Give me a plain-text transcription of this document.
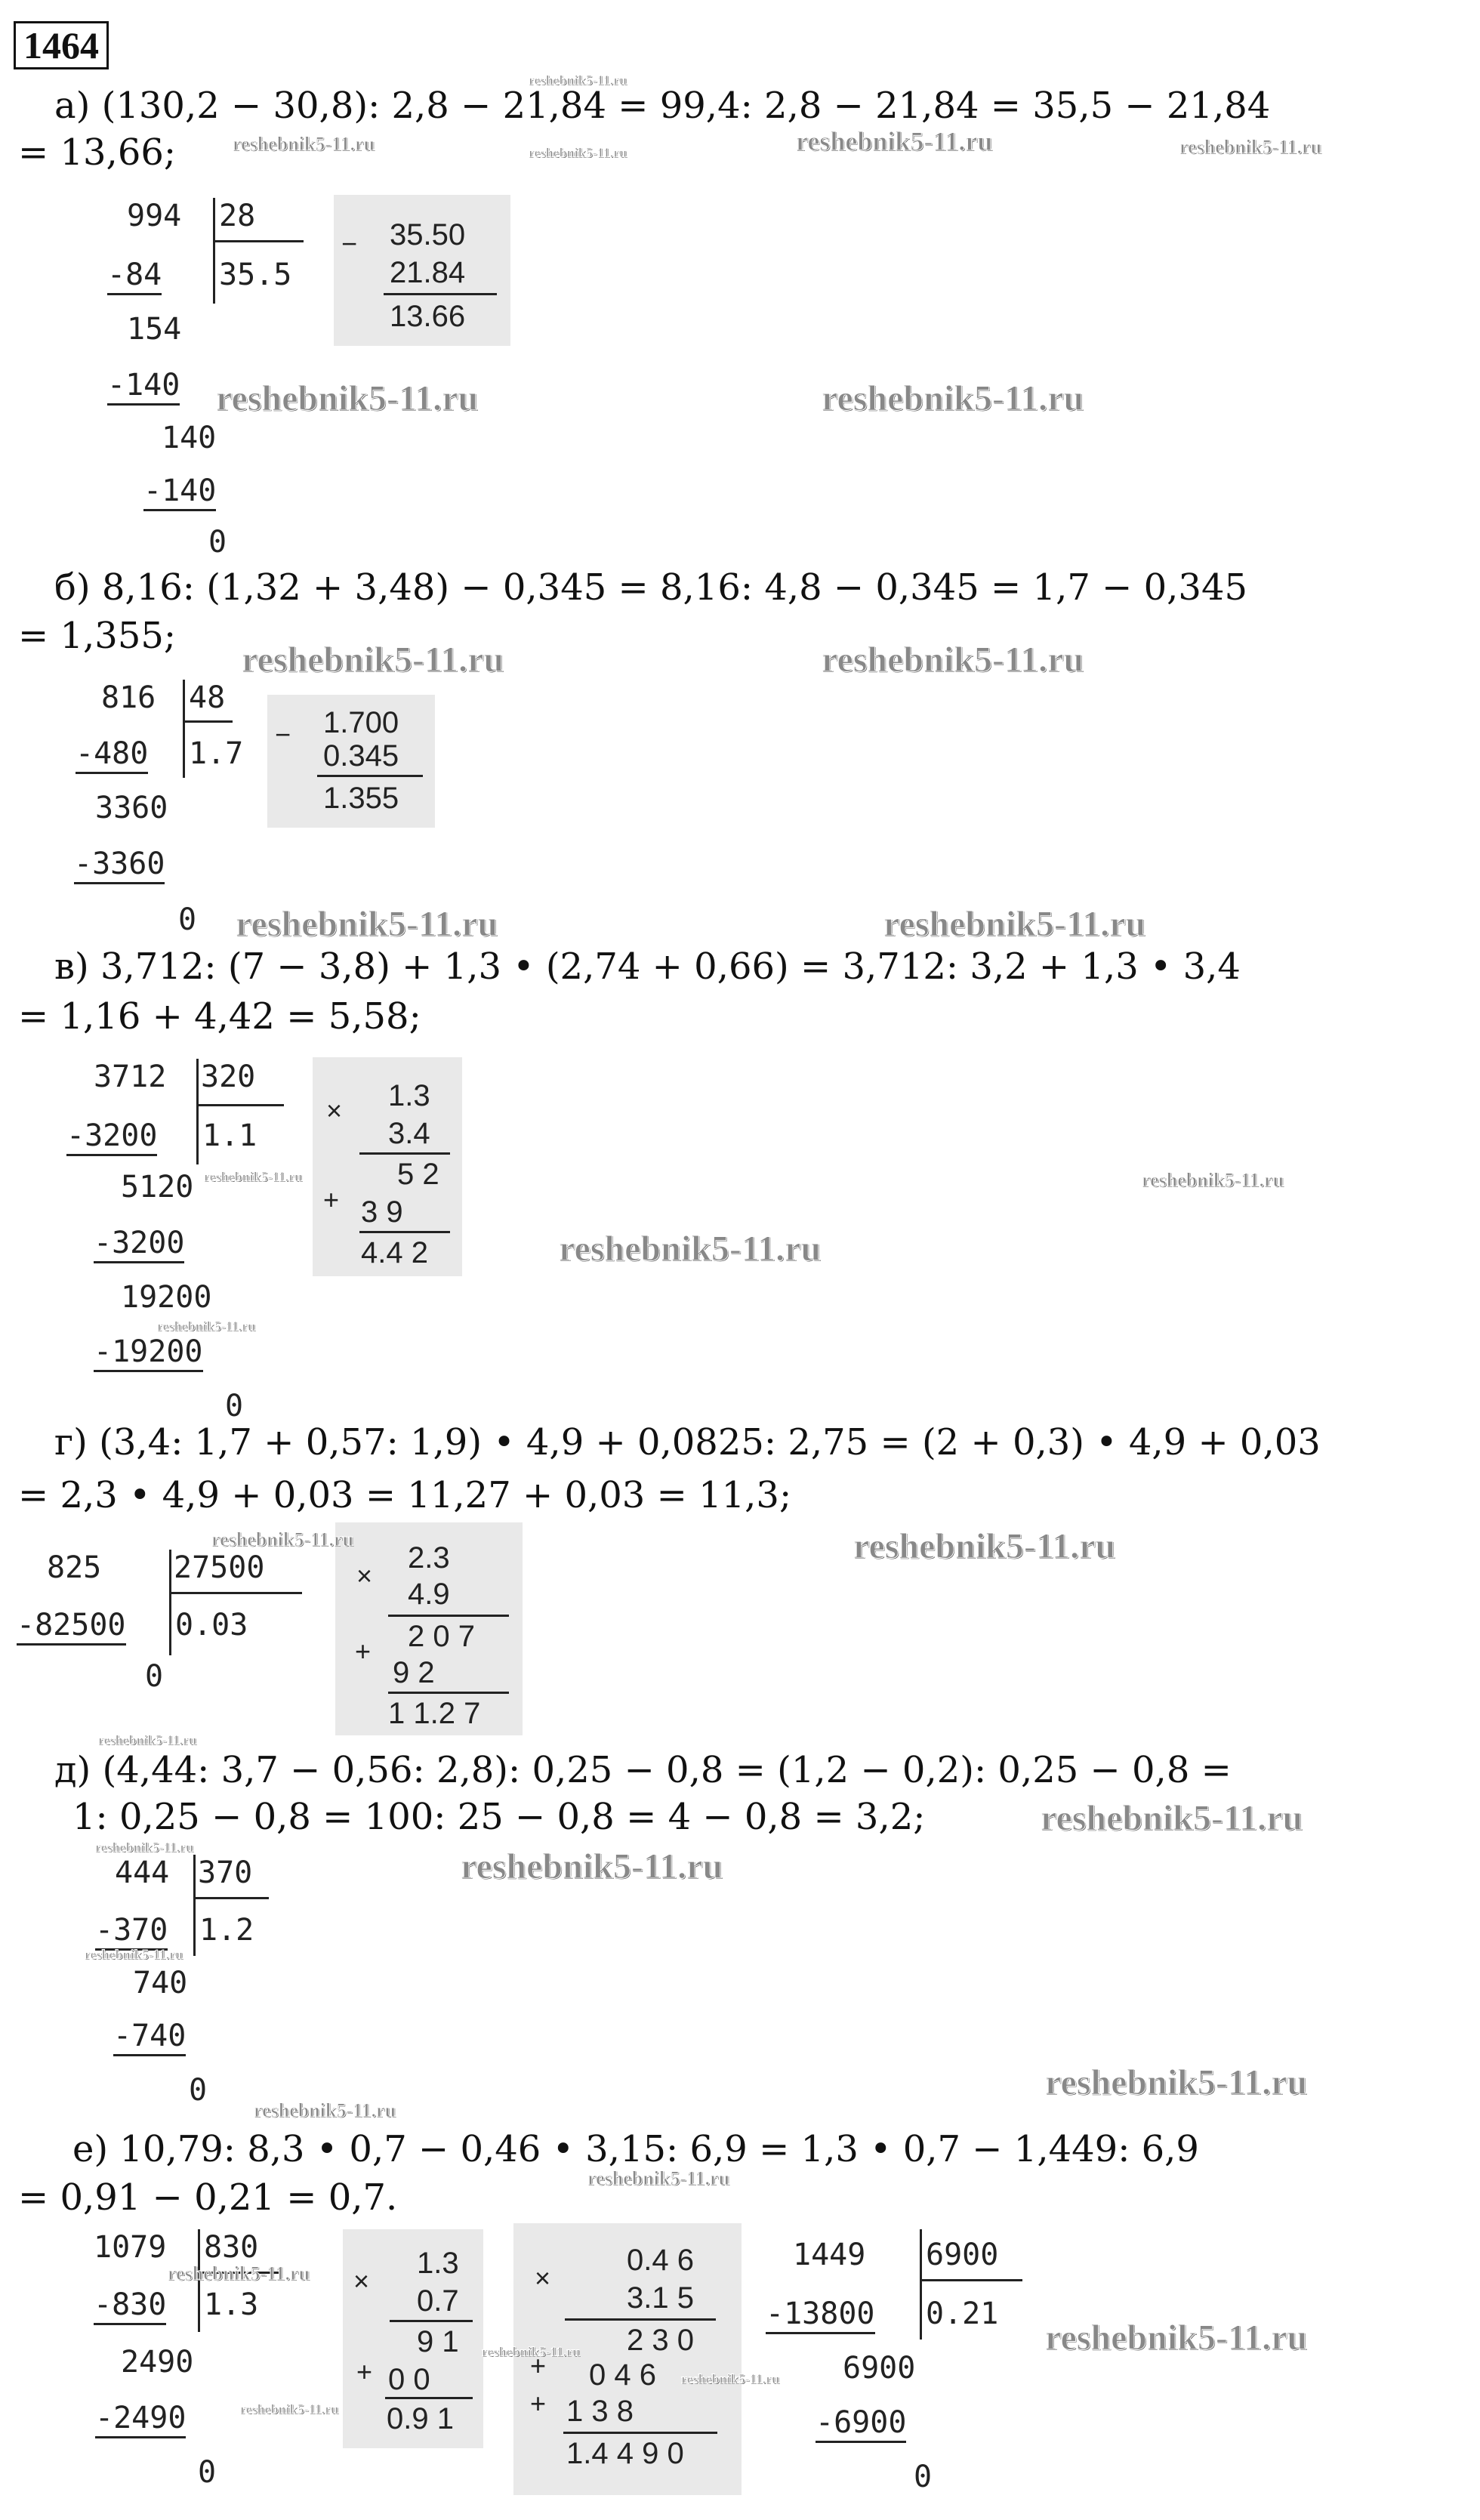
1464
а) (130,2 − 30,8): 2,8 − 21,84 = 99,4: 2,8 − 21,84 = 35,5 − 21,84
= 13,66;
994 28
35.5
-84
154
-140
140
-140
0
− 35.50
21.84
13.66
б) 8,16: (1,32 + 3,48) − 0,345 = 8,16: 4,8 − 0,345 = 1,7 − 0,345
= 1,355;
816 48
1.7
-480
3360
-3360
0
− 1.700
0.345
1.355
в) 3,712: (7 − 3,8) + 1,3 • (2,74 + 0,66) = 3,712: 3,2 + 1,3 • 3,4
= 1,16 + 4,42 = 5,58;
3712 320
1.1
-3200
5120
-3200
19200
-19200
0
× 1.3
3.4
5 2
+ 3 9
4.4 2
г) (3,4: 1,7 + 0,57: 1,9) • 4,9 + 0,0825: 2,75 = (2 + 0,3) • 4,9 + 0,03
= 2,3 • 4,9 + 0,03 = 11,27 + 0,03 = 11,3;
825 27500
0.03
-82500
0
×
2.3
4.9
2 0 7
+
9 2
1 1.2 7
д) (4,44: 3,7 − 0,56: 2,8): 0,25 − 0,8 = (1,2 − 0,2): 0,25 − 0,8 =
1: 0,25 − 0,8 = 100: 25 − 0,8 = 4 − 0,8 = 3,2;
444 370
1.2
-370
740
-740
0
е) 10,79: 8,3 • 0,7 − 0,46 • 3,15: 6,9 = 1,3 • 0,7 − 1,449: 6,9
= 0,91 − 0,21 = 0,7.
1079 830
1.3
-830
2490
-2490
0
×
1.3
0.7
9 1
+ 0 0
0.9 1
×
0.4 6
3.1 5
2 3 0
+ 0 4 6
+ 1 3 8
1.4 4 9 0
1449 6900
0.21
-13800
6900
-6900
0
reshebnik5-11.ru
reshebnik5-11.ru	reshebnik5-11.ru	reshebnik5-11.ru	reshebnik5-11.ru
reshebnik5-11.ru	reshebnik5-11.ru
reshebnik5-11.ru	reshebnik5-11.ru
reshebnik5-11.ru	reshebnik5-11.ru
reshebnik5-11.ru	reshebnik5-11.ru
reshebnik5-11.ru
reshebnik5-11.ru
reshebnik5-11.ru	reshebnik5-11.ru
reshebnik5-11.ru
reshebnik5-11.ru
reshebnik5-11.ru	reshebnik5-11.ru
reshebnik5-11.ru
reshebnik5-11.ru
reshebnik5-11.ru
reshebnik5-11.ru
reshebnik5-11.ru
reshebnik5-11.ru
reshebnik5-11.ru
reshebnik5-11.ru
reshebnik5-11.ru
